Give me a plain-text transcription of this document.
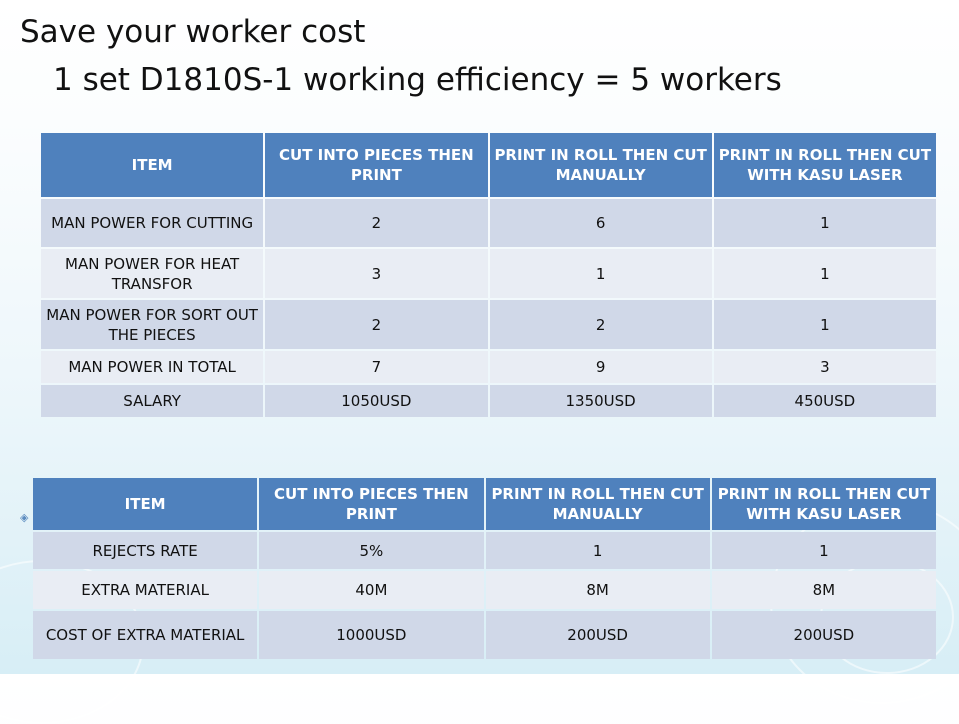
Save your worker cost
1 set D1810S-1 working efficiency = 5 workers
ITEM	CUT INTO PIECES THEN PRINT	PRINT IN ROLL THEN CUT MANUALLY	PRINT IN ROLL THEN CUT WITH KASU LASER
MAN POWER FOR CUTTING	2	6	1
MAN POWER FOR HEAT TRANSFOR	3	1	1
MAN POWER FOR SORT OUT THE PIECES	2	2	1
MAN POWER IN TOTAL	7	9	3
SALARY	1050USD	1350USD	450USD
◈
ITEM	CUT INTO PIECES THEN PRINT	PRINT IN ROLL THEN CUT MANUALLY	PRINT IN ROLL THEN CUT WITH KASU LASER
REJECTS RATE	5%	1	1
EXTRA MATERIAL	40M	8M	8M
COST OF EXTRA MATERIAL	1000USD	200USD	200USD
